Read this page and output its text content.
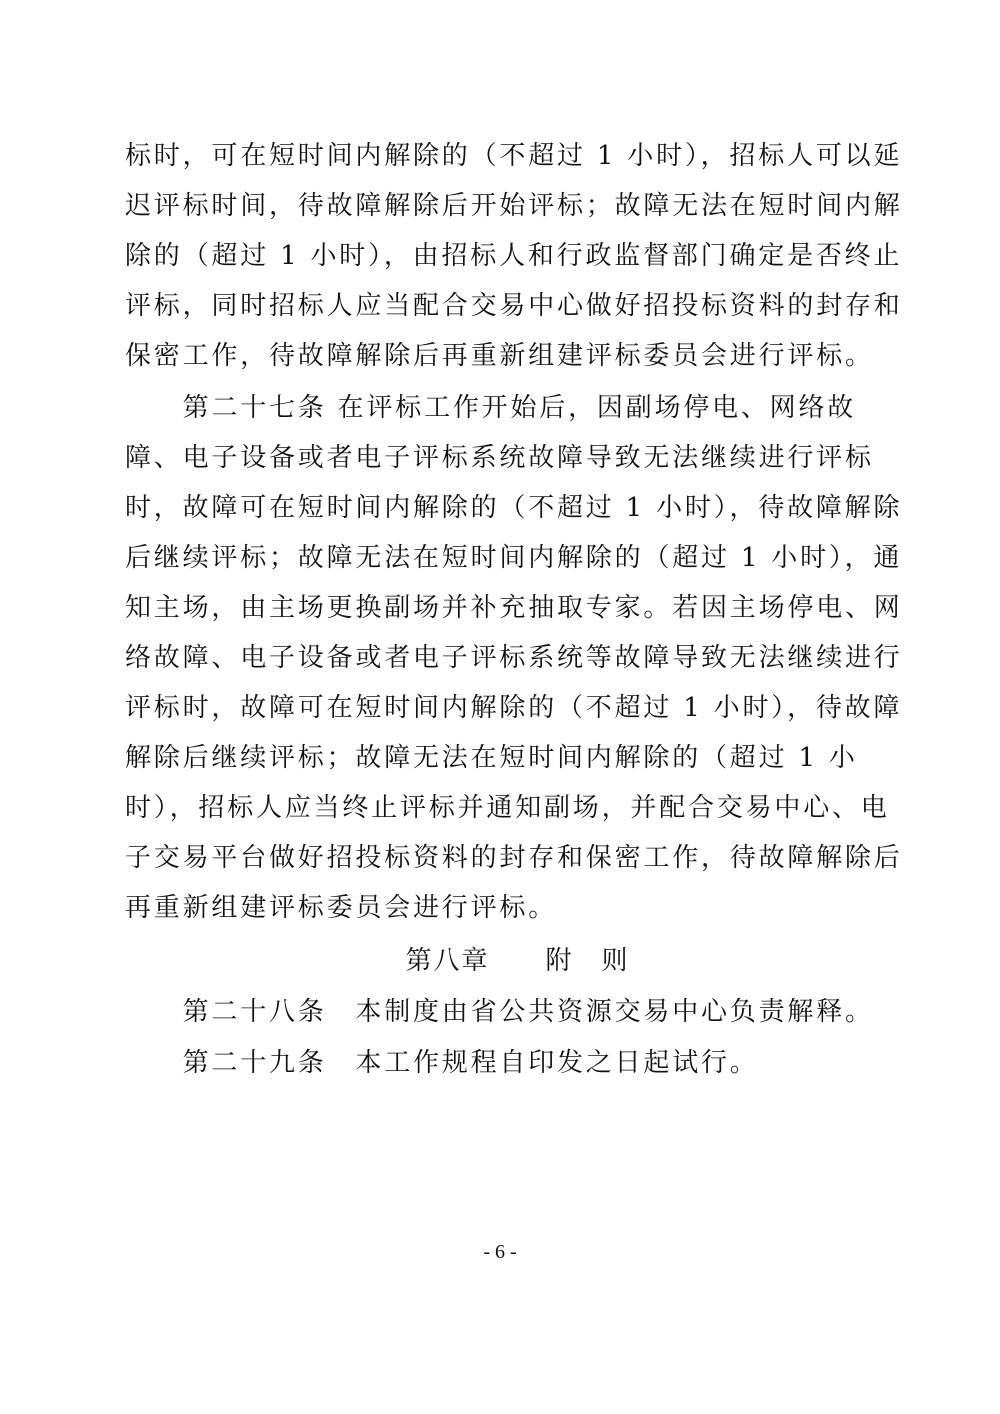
标时，可在短时间内解除的（不超过 1 小时），招标人可以延
迟评标时间，待故障解除后开始评标；故障无法在短时间内解
除的（超过 1 小时），由招标人和行政监督部门确定是否终止
评标，同时招标人应当配合交易中心做好招投标资料的封存和
保密工作，待故障解除后再重新组建评标委员会进行评标。
　　第二十七条 在评标工作开始后，因副场停电、网络故
障、电子设备或者电子评标系统故障导致无法继续进行评标
时，故障可在短时间内解除的（不超过 1 小时），待故障解除
后继续评标；故障无法在短时间内解除的（超过 1 小时），通
知主场，由主场更换副场并补充抽取专家。若因主场停电、网
络故障、电子设备或者电子评标系统等故障导致无法继续进行
评标时，故障可在短时间内解除的（不超过 1 小时），待故障
解除后继续评标；故障无法在短时间内解除的（超过 1 小
时），招标人应当终止评标并通知副场，并配合交易中心、电
子交易平台做好招投标资料的封存和保密工作，待故障解除后
再重新组建评标委员会进行评标。
第八章　　附　则
　　第二十八条　本制度由省公共资源交易中心负责解释。
　　第二十九条　本工作规程自印发之日起试行。
- 6 -
